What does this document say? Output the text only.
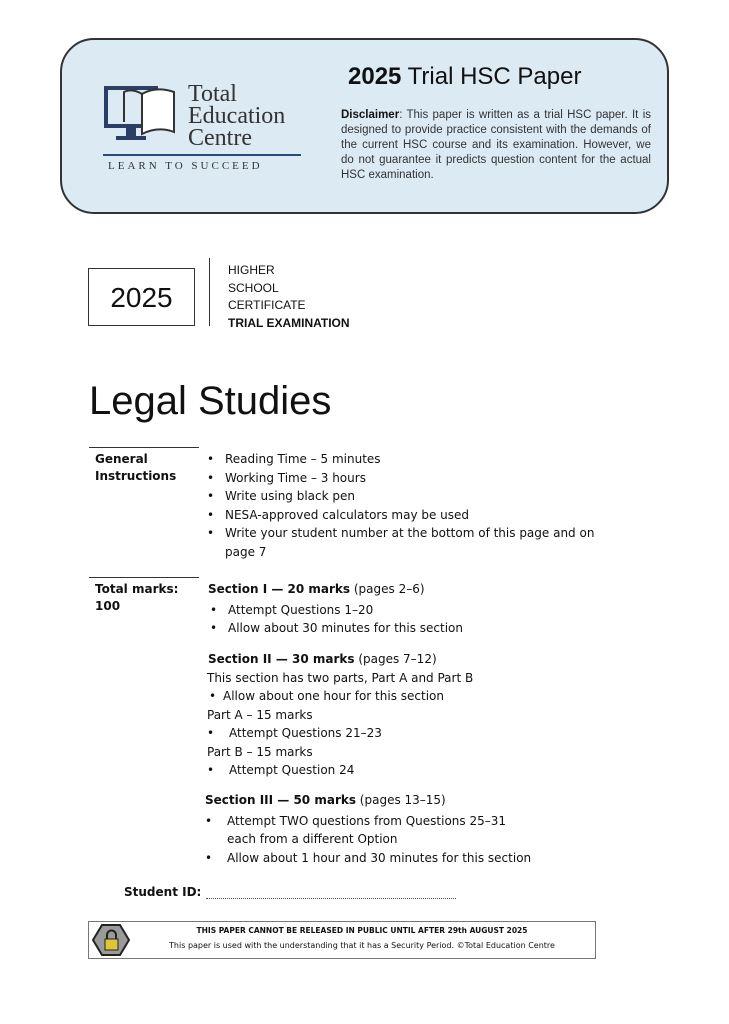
Total
Education
Centre
LEARN TO SUCCEED
2025 Trial HSC Paper
Disclaimer: This paper is written as a trial HSC paper. It is designed to provide practice consistent with the demands of the current HSC course and its examination. However, we do not guarantee it predicts question content for the actual HSC examination.
2025
HIGHER
SCHOOL
CERTIFICATE
TRIAL EXAMINATION
Legal Studies
General
Instructions
• Reading Time – 5 minutes
• Working Time – 3 hours
• Write using black pen
• NESA-approved calculators may be used
• Write your student number at the bottom of this page and on
page 7
Total marks:
100
Section I — 20 marks (pages 2–6)
• Attempt Questions 1–20
• Allow about 30 minutes for this section
Section II — 30 marks (pages 7–12)
This section has two parts, Part A and Part B
• Allow about one hour for this section
Part A – 15 marks
• Attempt Questions 21–23
Part B – 15 marks
• Attempt Question 24
Section III — 50 marks (pages 13–15)
• Attempt TWO questions from Questions 25–31
each from a different Option
• Allow about 1 hour and 30 minutes for this section
Student ID:
THIS PAPER CANNOT BE RELEASED IN PUBLIC UNTIL AFTER 29th AUGUST 2025
This paper is used with the understanding that it has a Security Period. ©Total Education Centre
